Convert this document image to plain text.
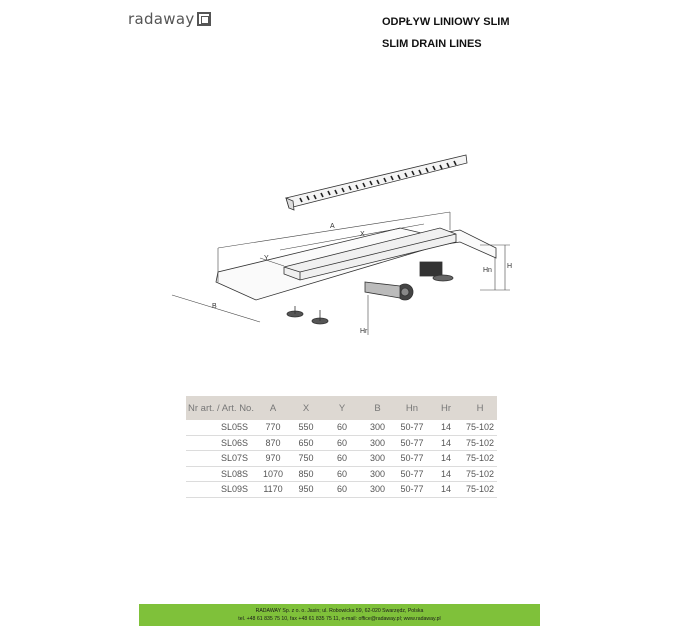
radaway	ODPŁYW LINIOWY SLIM
SLIM DRAIN LINES
A
X
Y
B
Hn
H
Hr
Nr art. / Art. No.	A	X	Y	B	Hn	Hr	H
SL05S	770	550	60	300	50-77	14	75-102
SL06S	870	650	60	300	50-77	14	75-102
SL07S	970	750	60	300	50-77	14	75-102
SL08S	1070	850	60	300	50-77	14	75-102
SL09S	1170	950	60	300	50-77	14	75-102
RADAWAY Sp. z o. o. Jasin; ul. Robowicka 59, 62-020 Swarzędz, Polska
tel. +48 61 835 75 10, fax +48 61 835 75 11, e-mail: office@radaway.pl; www.radaway.pl
